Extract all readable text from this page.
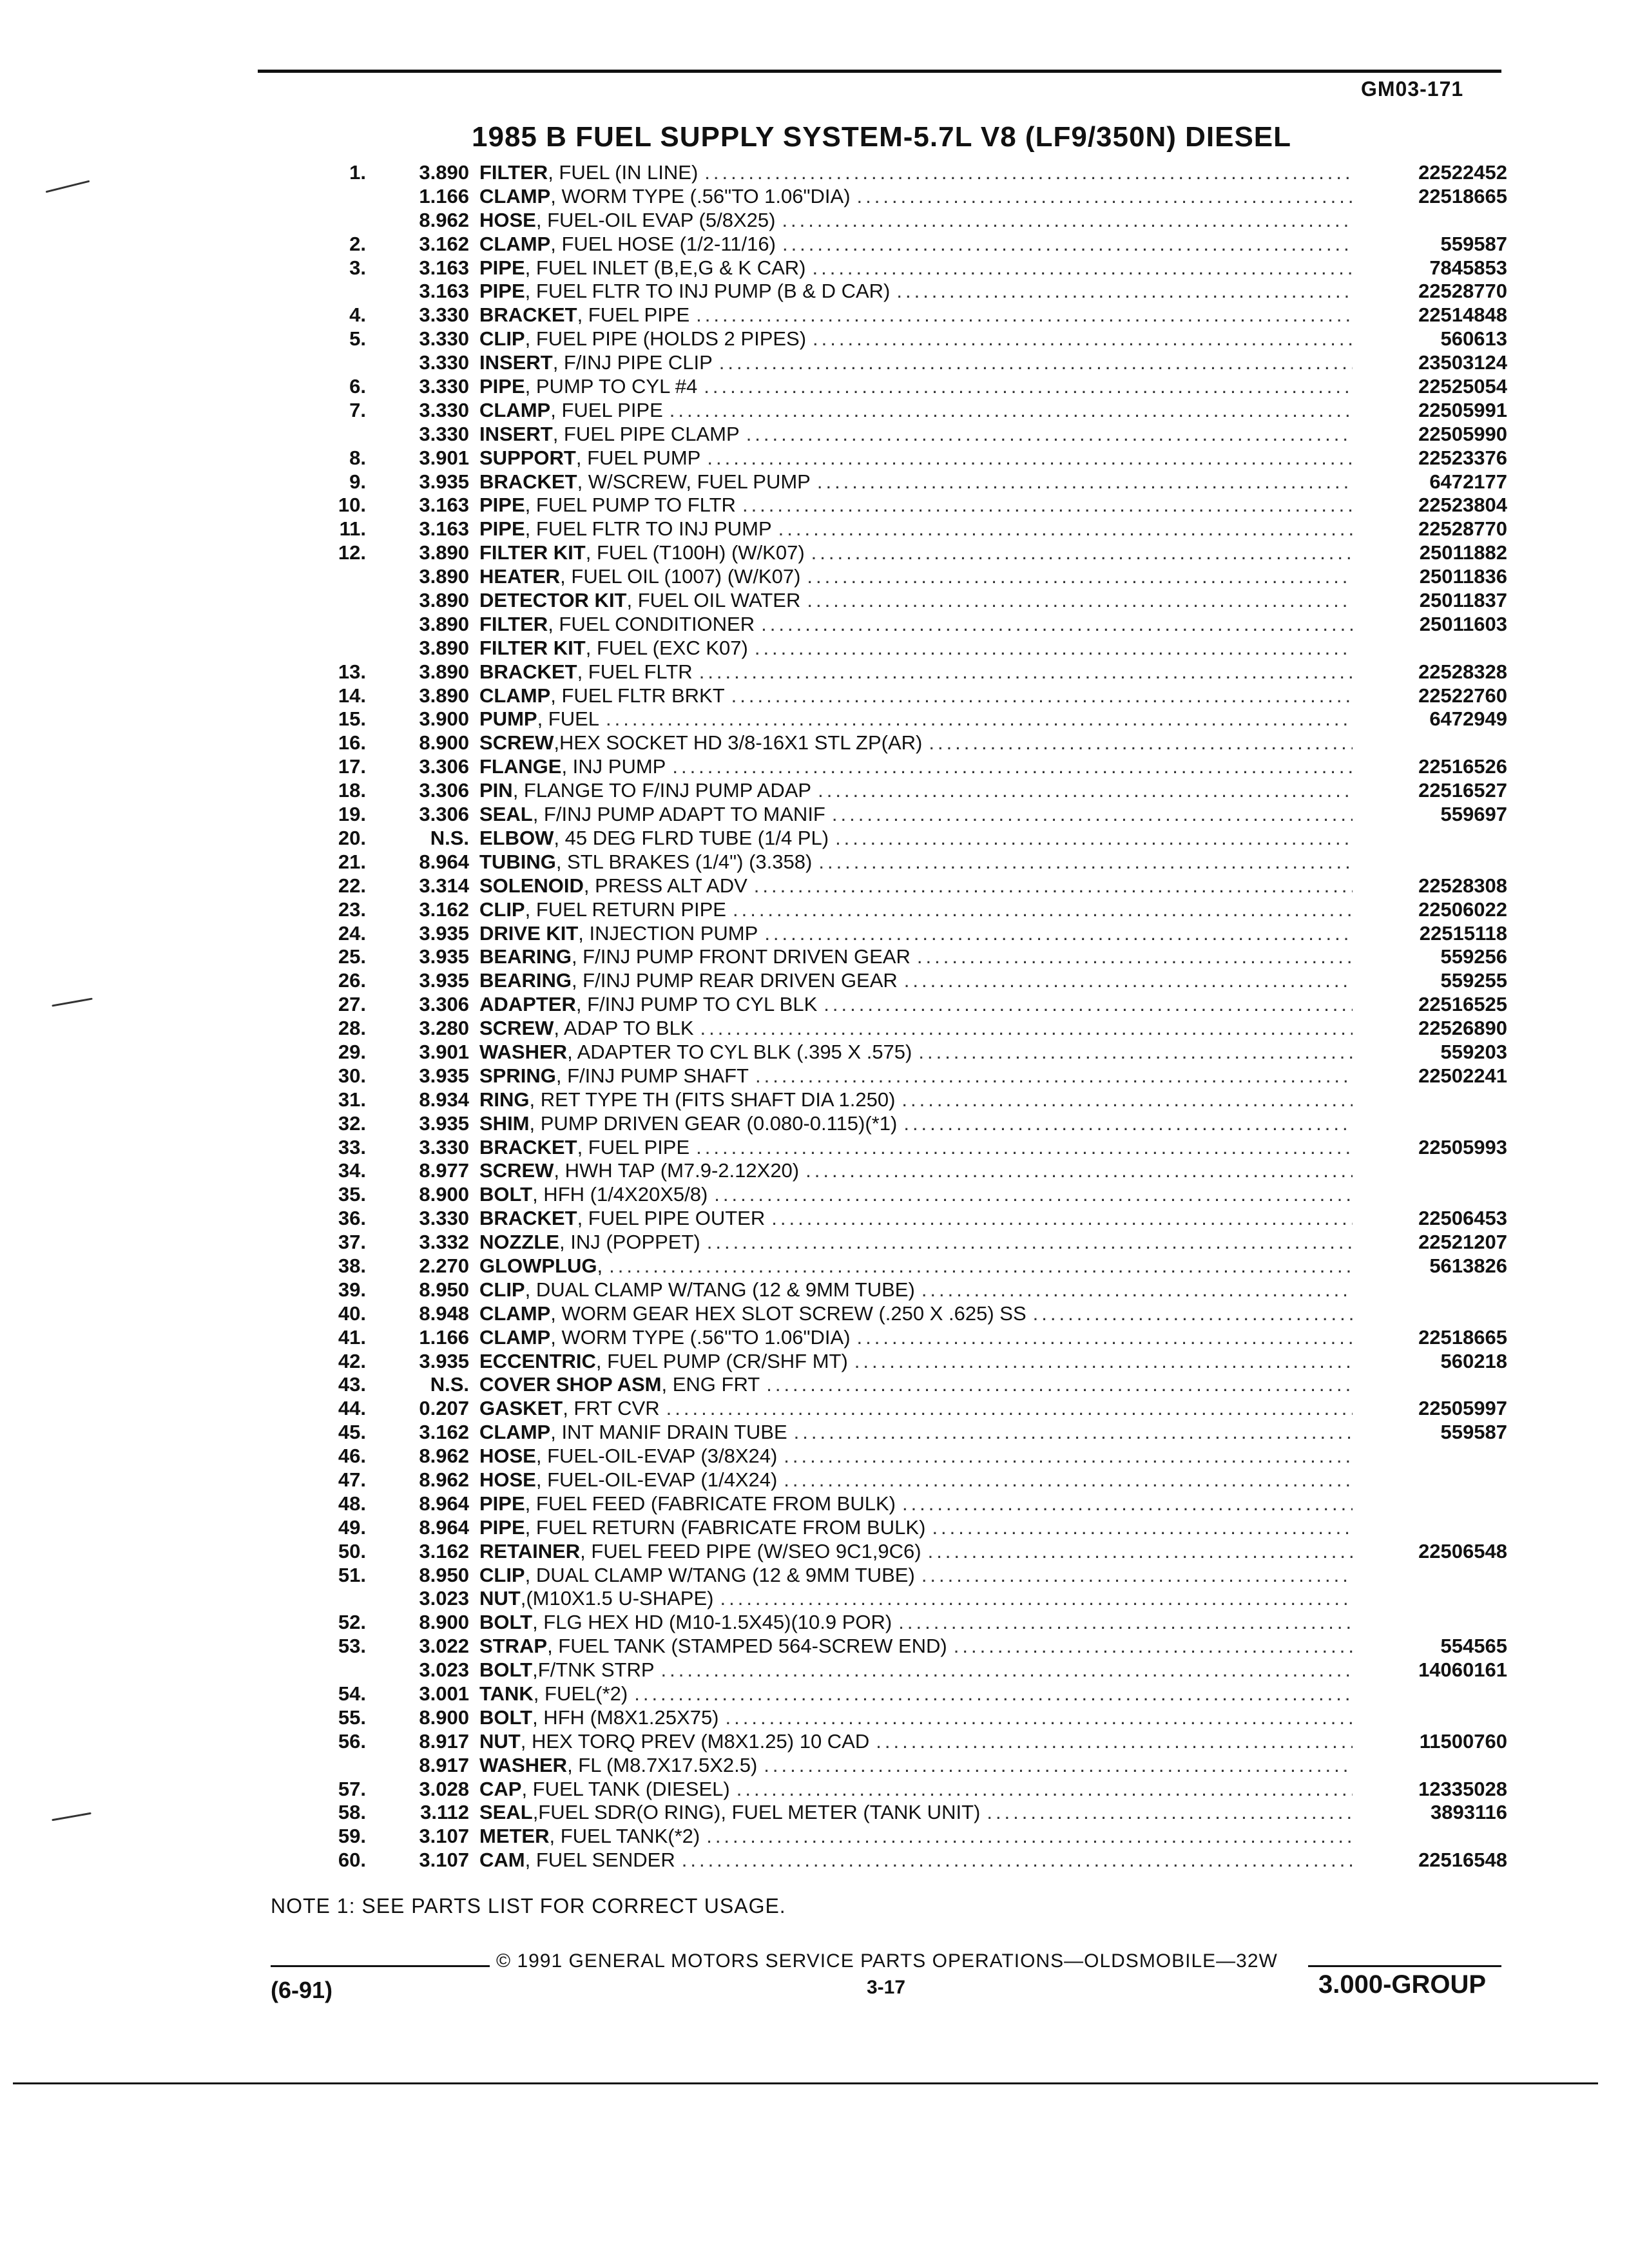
GM03-171
1985 B FUEL SUPPLY SYSTEM-5.7L V8 (LF9/350N) DIESEL
1.	3.890 FILTER , FUEL (IN LINE) .....	22522452
1.166 CLAMP , WORM TYPE (.56"TO 1.06"DIA) .....	22518665
8.962 HOSE , FUEL-OIL EVAP (5/8X25)
.....
2.	3.162 CLAMP , FUEL HOSE (1/2-11/16) .....	559587
3.	3.163 PIPE , FUEL INLET (B,E,G & K CAR) .....	7845853
3.163 PIPE , FUEL FLTR TO INJ PUMP (B & D CAR) .....	22528770
4.	3.330 BRACKET , FUEL PIPE .....	22514848
5.	3.330 CLIP , FUEL PIPE (HOLDS 2 PIPES) .....	560613
3.330 INSERT , F/INJ PIPE CLIP .....	23503124
6.	3.330 PIPE , PUMP TO CYL #4 .....	22525054
7.	3.330 CLAMP , FUEL PIPE .....	22505991
3.330 INSERT , FUEL PIPE CLAMP .....	22505990
8.	3.901 SUPPORT , FUEL PUMP .....	22523376
9.	3.935 BRACKET , W/SCREW, FUEL PUMP .....	6472177
10.	3.163 PIPE , FUEL PUMP TO FLTR .....	22523804
11.	3.163 PIPE , FUEL FLTR TO INJ PUMP .....	22528770
12.	3.890 FILTER KIT , FUEL (T100H) (W/K07) .....	25011882
3.890 HEATER , FUEL OIL (1007) (W/K07) .....	25011836
3.890 DETECTOR KIT , FUEL OIL WATER .....	25011837
3.890 FILTER , FUEL CONDITIONER .....	25011603
3.890 FILTER KIT , FUEL (EXC K07)
.....
13.	3.890 BRACKET , FUEL FLTR .....	22528328
14.	3.890 CLAMP , FUEL FLTR BRKT .....	22522760
15.	3.900 PUMP , FUEL .....	6472949
16.	8.900 SCREW ,HEX SOCKET HD 3/8-16X1 STL ZP(AR)
.....
17.	3.306 FLANGE , INJ PUMP .....	22516526
18.	3.306 PIN , FLANGE TO F/INJ PUMP ADAP .....	22516527
19.	3.306 SEAL , F/INJ PUMP ADAPT TO MANIF .....	559697
20.	N.S. ELBOW , 45 DEG FLRD TUBE (1/4 PL)
.....
21.	8.964 TUBING , STL BRAKES (1/4") (3.358)
.....
22.	3.314 SOLENOID , PRESS ALT ADV .....	22528308
23.	3.162 CLIP , FUEL RETURN PIPE .....	22506022
24.	3.935 DRIVE KIT , INJECTION PUMP .....	22515118
25.	3.935 BEARING , F/INJ PUMP FRONT DRIVEN GEAR .....	559256
26.	3.935 BEARING , F/INJ PUMP REAR DRIVEN GEAR .....	559255
27.	3.306 ADAPTER , F/INJ PUMP TO CYL BLK .....	22516525
28.	3.280 SCREW , ADAP TO BLK .....	22526890
29.	3.901 WASHER , ADAPTER TO CYL BLK (.395 X .575) .....	559203
30.	3.935 SPRING , F/INJ PUMP SHAFT .....	22502241
31.	8.934 RING , RET TYPE TH (FITS SHAFT DIA 1.250)
.....
32.	3.935 SHIM , PUMP DRIVEN GEAR (0.080-0.115)(*1)
.....
33.	3.330 BRACKET , FUEL PIPE .....	22505993
34.	8.977 SCREW , HWH TAP (M7.9-2.12X20)
.....
35.	8.900 BOLT , HFH (1/4X20X5/8)
.....
36.	3.330 BRACKET , FUEL PIPE OUTER .....	22506453
37.	3.332 NOZZLE , INJ (POPPET) .....	22521207
38.	2.270 GLOWPLUG , .....	5613826
39.	8.950 CLIP , DUAL CLAMP W/TANG (12 & 9MM TUBE)
.....
40.	8.948 CLAMP , WORM GEAR HEX SLOT SCREW (.250 X .625) SS
.....
41.	1.166 CLAMP , WORM TYPE (.56"TO 1.06"DIA) .....	22518665
42.	3.935 ECCENTRIC , FUEL PUMP (CR/SHF MT) .....	560218
43.	N.S. COVER SHOP ASM , ENG FRT
.....
44.	0.207 GASKET , FRT CVR .....	22505997
45.	3.162 CLAMP , INT MANIF DRAIN TUBE .....	559587
46.	8.962 HOSE , FUEL-OIL-EVAP (3/8X24)
.....
47.	8.962 HOSE , FUEL-OIL-EVAP (1/4X24)
.....
48.	8.964 PIPE , FUEL FEED (FABRICATE FROM BULK)
.....
49.	8.964 PIPE , FUEL RETURN (FABRICATE FROM BULK)
.....
50.	3.162 RETAINER , FUEL FEED PIPE (W/SEO 9C1,9C6) .....	22506548
51.	8.950 CLIP , DUAL CLAMP W/TANG (12 & 9MM TUBE)
.....
3.023 NUT ,(M10X1.5 U-SHAPE)
.....
52.	8.900 BOLT , FLG HEX HD (M10-1.5X45)(10.9 POR)
.....
53.	3.022 STRAP , FUEL TANK (STAMPED 564-SCREW END) .....	554565
3.023 BOLT ,F/TNK STRP .....	14060161
54.	3.001 TANK , FUEL(*2)
.....
55.	8.900 BOLT , HFH (M8X1.25X75)
.....
56.	8.917 NUT , HEX TORQ PREV (M8X1.25) 10 CAD .....	11500760
8.917 WASHER , FL (M8.7X17.5X2.5)
.....
57.	3.028 CAP , FUEL TANK (DIESEL) .....	12335028
58.	3.112 SEAL ,FUEL SDR(O RING), FUEL METER (TANK UNIT) .....	3893116
59.	3.107 METER , FUEL TANK(*2)
.....
60.	3.107 CAM , FUEL SENDER .....	22516548
NOTE 1: SEE PARTS LIST FOR CORRECT USAGE.
© 1991 GENERAL MOTORS SERVICE PARTS OPERATIONS—OLDSMOBILE—32W
(6-91)	3-17	3.000-GROUP
